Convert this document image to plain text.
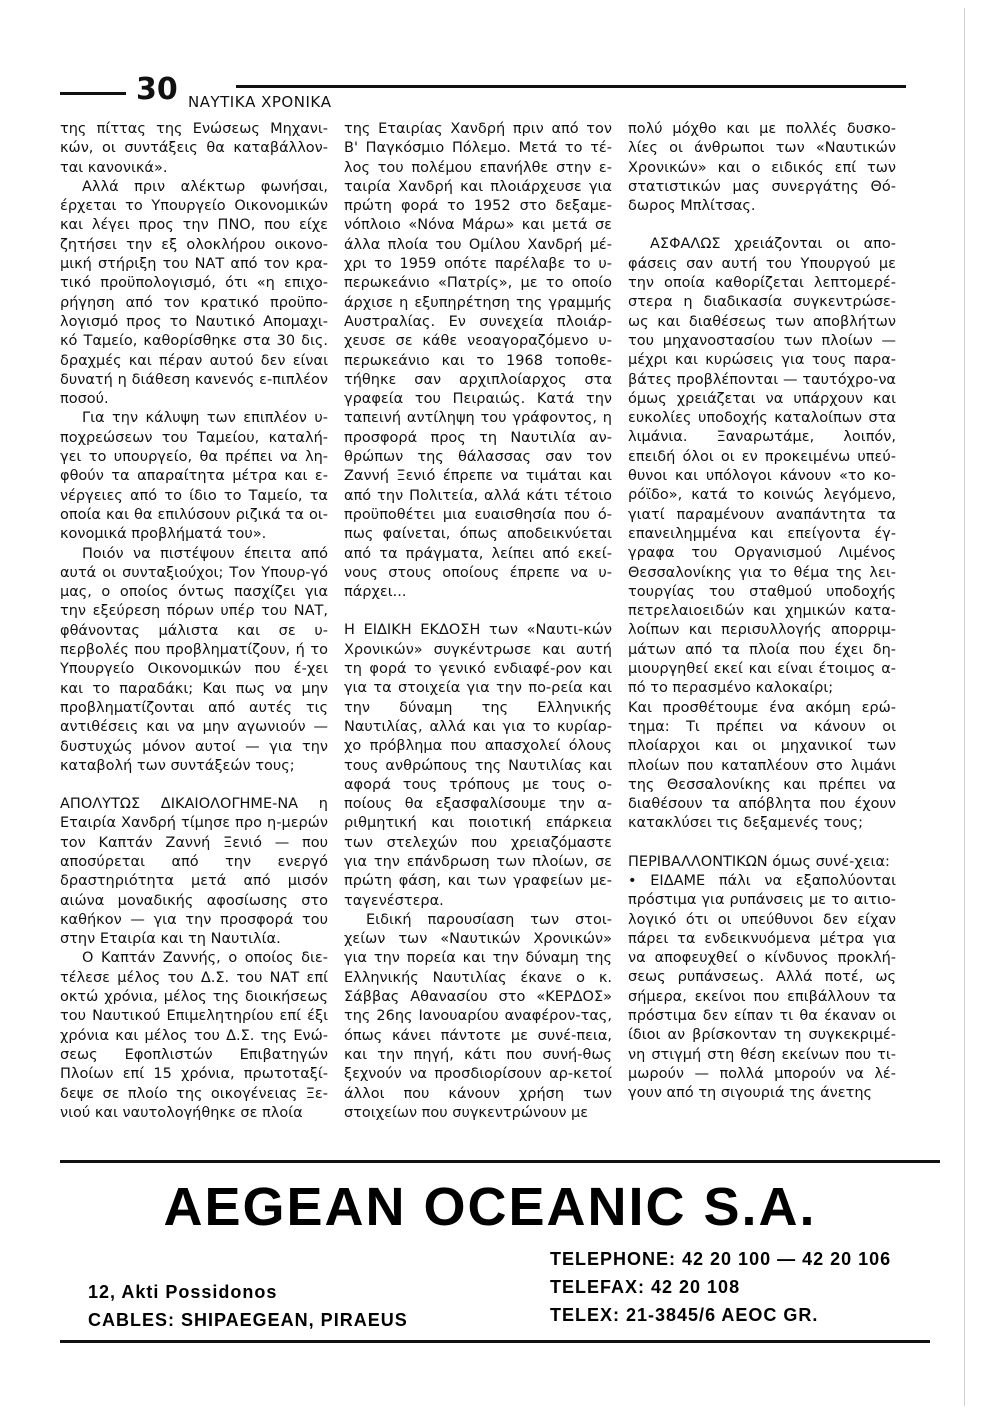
30 ΝΑΥΤΙΚΑ ΧΡΟΝΙΚΑ

της πίττας της Ενώσεως Μηχανι-κών, οι συντάξεις θα καταβάλλον-ται κανονικά».

Αλλά πριν αλέκτωρ φωνήσαι, έρχεται το Υπουργείο Οικονομικών και λέγει προς την ΠΝΟ, που είχε ζητήσει την εξ ολοκλήρου οικονο-μική στήριξη του ΝΑΤ από τον κρα-τικό προϋπολογισμό, ότι «η επιχο-ρήγηση από τον κρατικό προϋπο-λογισμό προς το Ναυτικό Απομαχι-κό Ταμείο, καθορίσθηκε στα 30 δις. δραχμές και πέραν αυτού δεν είναι δυνατή η διάθεση κανενός ε-πιπλέον ποσού.

Για την κάλυψη των επιπλέον υ-ποχρεώσεων του Ταμείου, καταλή-γει το υπουργείο, θα πρέπει να λη-φθούν τα απαραίτητα μέτρα και ε-νέργειες από το ίδιο το Ταμείο, τα οποία και θα επιλύσουν ριζικά τα οι-κονομικά προβλήματά του».

Ποιόν να πιστέψουν έπειτα από αυτά οι συνταξιούχοι; Τον Υπουρ-γό μας, ο οποίος όντως πασχίζει για την εξεύρεση πόρων υπέρ του ΝΑΤ, φθάνοντας μάλιστα και σε υ-περβολές που προβληματίζουν, ή το Υπουργείο Οικονομικών που έ-χει και το παραδάκι; Και πως να μην προβληματίζονται από αυτές τις αντιθέσεις και να μην αγωνιούν — δυστυχώς μόνον αυτοί — για την καταβολή των συντάξεών τους;

ΑΠΟΛΥΤΩΣ ΔΙΚΑΙΟΛΟΓΗΜΕ-ΝΑ η Εταιρία Χανδρή τίμησε προ η-μερών τον Καπτάν Ζαννή Ξενιό — που αποσύρεται από την ενεργό δραστηριότητα μετά από μισόν αιώνα μοναδικής αφοσίωσης στο καθήκον — για την προσφορά του στην Εταιρία και τη Ναυτιλία.

Ο Καπτάν Ζαννής, ο οποίος διε-τέλεσε μέλος του Δ.Σ. του ΝΑΤ επί οκτώ χρόνια, μέλος της διοικήσεως του Ναυτικού Επιμελητηρίου επί έξι χρόνια και μέλος του Δ.Σ. της Ενώ-σεως Εφοπλιστών Επιβατηγών Πλοίων επί 15 χρόνια, πρωτοταξί-δεψε σε πλοίο της οικογένειας Ξε-νιού και ναυτολογήθηκε σε πλοία

της Εταιρίας Χανδρή πριν από τον Β' Παγκόσμιο Πόλεμο. Μετά το τέ-λος του πολέμου επανήλθε στην ε-ταιρία Χανδρή και πλοιάρχευσε για πρώτη φορά το 1952 στο δεξαμε-νόπλοιο «Νόνα Μάρω» και μετά σε άλλα πλοία του Ομίλου Χανδρή μέ-χρι το 1959 οπότε παρέλαβε το υ-περωκεάνιο «Πατρίς», με το οποίο άρχισε η εξυπηρέτηση της γραμμής Αυστραλίας. Εν συνεχεία πλοιάρ-χευσε σε κάθε νεοαγοραζόμενο υ-περωκεάνιο και το 1968 τοποθε-τήθηκε σαν αρχιπλοίαρχος στα γραφεία του Πειραιώς. Κατά την ταπεινή αντίληψη του γράφοντος, η προσφορά προς τη Ναυτιλία αν-θρώπων της θάλασσας σαν τον Ζαννή Ξενιό έπρεπε να τιμάται και από την Πολιτεία, αλλά κάτι τέτοιο προϋποθέτει μια ευαισθησία που ό-πως φαίνεται, όπως αποδεικνύεται από τα πράγματα, λείπει από εκεί-νους στους οποίους έπρεπε να υ-πάρχει...

Η ΕΙΔΙΚΗ ΕΚΔΟΣΗ των «Ναυτι-κών Χρονικών» συγκέντρωσε και αυτή τη φορά το γενικό ενδιαφέ-ρον και για τα στοιχεία για την πο-ρεία και την δύναμη της Ελληνικής Ναυτιλίας, αλλά και για το κυρίαρ-χο πρόβλημα που απασχολεί όλους τους ανθρώπους της Ναυτιλίας και αφορά τους τρόπους με τους ο-ποίους θα εξασφαλίσουμε την α-ριθμητική και ποιοτική επάρκεια των στελεχών που χρειαζόμαστε για την επάνδρωση των πλοίων, σε πρώτη φάση, και των γραφείων με-ταγενέστερα.

Ειδική παρουσίαση των στοι-χείων των «Ναυτικών Χρονικών» για την πορεία και την δύναμη της Ελληνικής Ναυτιλίας έκανε ο κ. Σάββας Αθανασίου στο «ΚΕΡΔΟΣ» της 26ης Ιανουαρίου αναφέρον-τας, όπως κάνει πάντοτε με συνέ-πεια, και την πηγή, κάτι που συνή-θως ξεχνούν να προσδιορίσουν αρ-κετοί άλλοι που κάνουν χρήση των στοιχείων που συγκεντρώνουν με

πολύ μόχθο και με πολλές δυσκο-λίες οι άνθρωποι των «Ναυτικών Χρονικών» και ο ειδικός επί των στατιστικών μας συνεργάτης Θό-δωρος Μπλίτσας.

ΑΣΦΑΛΩΣ χρειάζονται οι απο-φάσεις σαν αυτή του Υπουργού με την οποία καθορίζεται λεπτομερέ-στερα η διαδικασία συγκεντρώσε-ως και διαθέσεως των αποβλήτων του μηχανοστασίου των πλοίων — μέχρι και κυρώσεις για τους παρα-βάτες προβλέπονται — ταυτόχρο-να όμως χρειάζεται να υπάρχουν και ευκολίες υποδοχής καταλοίπων στα λιμάνια. Ξαναρωτάμε, λοιπόν, επειδή όλοι οι εν προκειμένω υπεύ-θυνοι και υπόλογοι κάνουν «το κο-ρόϊδο», κατά το κοινώς λεγόμενο, γιατί παραμένουν αναπάντητα τα επανειλημμένα και επείγοντα έγ-γραφα του Οργανισμού Λιμένος Θεσσαλονίκης για το θέμα της λει-τουργίας του σταθμού υποδοχής πετρελαιοειδών και χημικών κατα-λοίπων και περισυλλογής απορριμ-μάτων από τα πλοία που έχει δη-μιουργηθεί εκεί και είναι έτοιμος α-πό το περασμένο καλοκαίρι;

Και προσθέτουμε ένα ακόμη ερώ-τημα: Τι πρέπει να κάνουν οι πλοίαρχοι και οι μηχανικοί των πλοίων που καταπλέουν στο λιμάνι της Θεσσαλονίκης και πρέπει να διαθέσουν τα απόβλητα που έχουν κατακλύσει τις δεξαμενές τους;

ΠΕΡΙΒΑΛΛΟΝΤΙΚΩΝ όμως συνέ-χεια:

• ΕΙΔΑΜΕ πάλι να εξαπολύονται πρόστιμα για ρυπάνσεις με το αιτιο-λογικό ότι οι υπεύθυνοι δεν είχαν πάρει τα ενδεικνυόμενα μέτρα για να αποφευχθεί ο κίνδυνος προκλή-σεως ρυπάνσεως. Αλλά ποτέ, ως σήμερα, εκείνοι που επιβάλλουν τα πρόστιμα δεν είπαν τι θα έκαναν οι ίδιοι αν βρίσκονταν τη συγκεκριμέ-νη στιγμή στη θέση εκείνων που τι-μωρούν — πολλά μπορούν να λέ-γουν από τη σιγουριά της άνετης

AEGEAN OCEANIC S.A.
12, Akti Possidonos
CABLES: SHIPAEGEAN, PIRAEUS
TELEPHONE: 42 20 100 — 42 20 106
TELEFAX: 42 20 108
TELEX: 21-3845/6 AEOC GR.
